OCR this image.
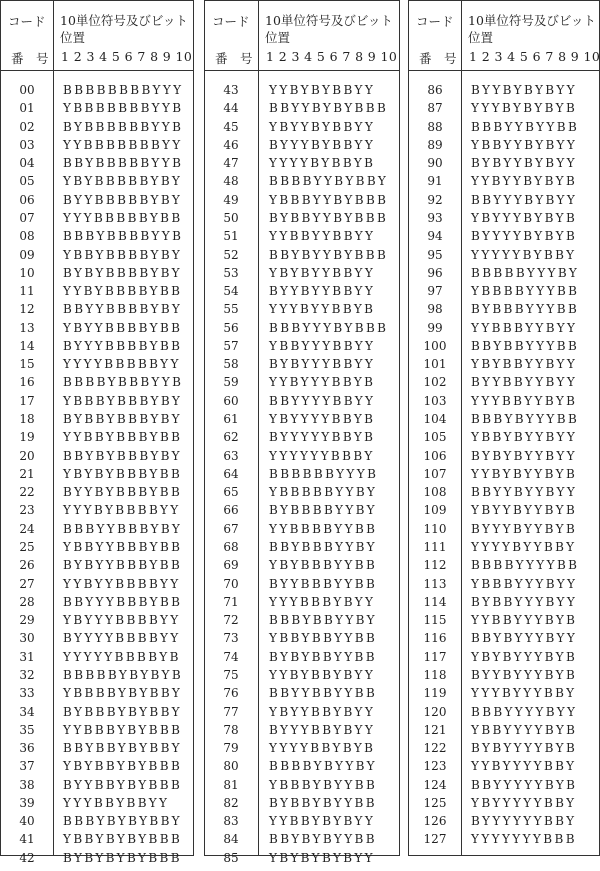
コード
番　号
10単位符号及びビット
位置
1 2 3 4 5 6 7 8 9 10
00	BBBBBBBBYYY
01	YBBBBBBBYYB
02	BYBBBBBBYYB
03	YYBBBBBBBYY
04	BBYBBBBBYYB
05	YBYBBBBBYBY
06	BYYBBBBBYBY
07	YYYBBBBBYBB
08	BBBYBBBBYYB
09	YBBYBBBBYBY
10	BYBYBBBBYBY
11	YYBYBBBBYBB
12	BBYYBBBBYBY
13	YBYYBBBBYBB
14	BYYYBBBBYBB
15	YYYYBBBBBYY
16	BBBBYBBBYYB
17	YBBBYBBBYBY
18	BYBBYBBBYBY
19	YYBBYBBBYBB
20	BBYBYBBBYBY
21	YBYBYBBBYBB
22	BYYBYBBBYBB
23	YYYBYBBBBYY
24	BBBYYBBBYBY
25	YBBYYBBBYBB
26	BYBYYBBBYBB
27	YYBYYBBBBYY
28	BBYYYBBBYBB
29	YBYYYBBBBYY
30	BYYYYBBBBYY
31	YYYYYBBBBYB
32	BBBBBYBYBYB
33	YBBBBYBYBBY
34	BYBBBYBYBBY
35	YYBBBYBYBBB
36	BBYBBYBYBBY
37	YBYBBYBYBBB
38	BYYBBYBYBBB
39	YYYBBYBBYY
40	BBBYBYBYBBY
41	YBBYBYBYBBB
42	BYBYBYBYBBB
コード
番　号
10単位符号及びビット
位置
1 2 3 4 5 6 7 8 9 10
43	YYBYBYBBYY
44	BBYYBYBYBBB
45	YBYYBYBBYY
46	BYYYBYBBYY
47	YYYYBYBBYB
48	BBBBYYBYBBY
49	YBBBYYBYBBB
50	BYBBYYBYBBB
51	YYBBYYBBYY
52	BBYBYYBYBBB
53	YBYBYYBBYY
54	BYYBYYBBYY
55	YYYBYYBBYB
56	BBBYYYBYBBB
57	YBBYYYBBYY
58	BYBYYYBBYY
59	YYBYYYBBYB
60	BBYYYYBBYY
61	YBYYYYBBYB
62	BYYYYYBBYB
63	YYYYYYBBBY
64	BBBBBBYYYB
65	YBBBBBYYBY
66	BYBBBBYYBY
67	YYBBBBYYBB
68	BBYBBBYYBY
69	YBYBBBYYBB
70	BYYBBBYYBB
71	YYYBBBYBYY
72	BBBYBBYYBY
73	YBBYBBYYBB
74	BYBYBBYYBB
75	YYBYBBYBYY
76	BBYYBBYYBB
77	YBYYBBYBYY
78	BYYYBBYBYY
79	YYYYBBYBYB
80	BBBBYBYYBY
81	YBBBYBYYBB
82	BYBBYBYYBB
83	YYBBYBYBYY
84	BBYBYBYYBB
85	YBYBYBYBYY
コード
番　号
10単位符号及びビット
位置
1 2 3 4 5 6 7 8 9 10
86	BYYBYBYBYY
87	YYYBYBYBYB
88	BBBYYBYYBB
89	YBBYYBYBYY
90	BYBYYBYBYY
91	YYBYYBYBYB
92	BBYYYBYBYY
93	YBYYYBYBYB
94	BYYYYBYBYB
95	YYYYYBYBBY
96	BBBBBYYYBY
97	YBBBBYYYBB
98	BYBBBYYYBB
99	YYBBBYYBYY
100	BBYBBYYYBB
101	YBYBBYYBYY
102	BYYBBYYBYY
103	YYYBBYYBYB
104	BBBYBYYYBB
105	YBBYBYYBYY
106	BYBYBYYBYY
107	YYBYBYYBYB
108	BBYYBYYBYY
109	YBYYBYYBYB
110	BYYYBYYBYB
111	YYYYBYYBBY
112	BBBBYYYYBB
113	YBBBYYYBYY
114	BYBBYYYBYY
115	YYBBYYYBYB
116	BBYBYYYBYY
117	YBYBYYYBYB
118	BYYBYYYBYB
119	YYYBYYYBBY
120	BBBYYYYBYY
121	YBBYYYYBYB
122	BYBYYYYBYB
123	YYBYYYYBBY
124	BBYYYYYBYB
125	YBYYYYYBBY
126	BYYYYYYBBY
127	YYYYYYYBBB
